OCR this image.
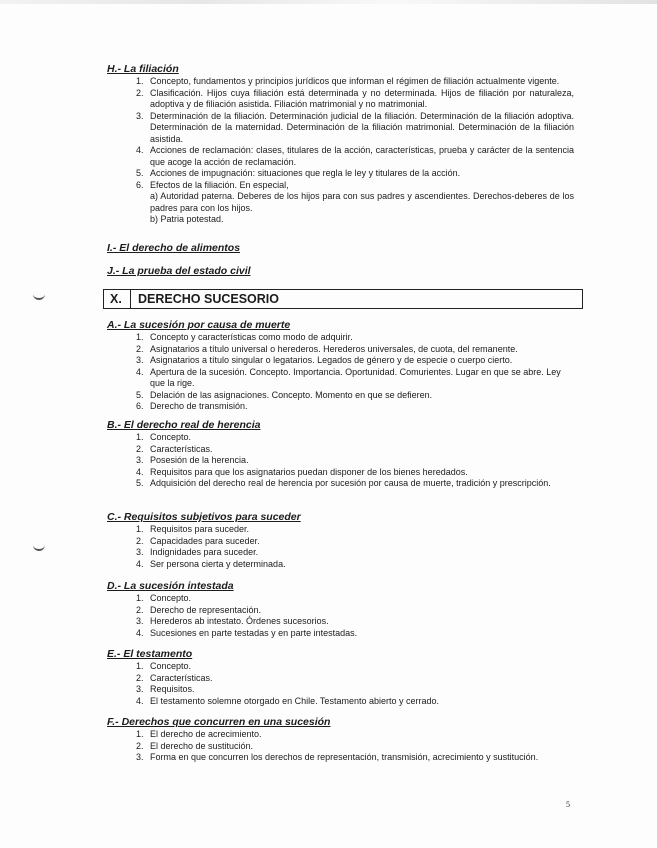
H.- La filiación
1. Concepto, fundamentos y principios jurídicos que informan el régimen de filiación actualmente vigente.
2. Clasificación. Hijos cuya filiación está determinada y no determinada. Hijos de filiación por naturaleza, adoptiva y de filiación asistida. Filiación matrimonial y no matrimonial.
3. Determinación de la filiación. Determinación judicial de la filiación. Determinación de la filiación adoptiva. Determinación de la maternidad. Determinación de la filiación matrimonial. Determinación de la filiación asistida.
4. Acciones de reclamación: clases, titulares de la acción, características, prueba y carácter de la sentencia que acoge la acción de reclamación.
5. Acciones de impugnación: situaciones que regla le ley y titulares de la acción.
6. Efectos de la filiación. En especial,
a) Autoridad paterna. Deberes de los hijos para con sus padres y ascendientes. Derechos-deberes de los padres para con los hijos.
b) Patria potestad.
I.- El derecho de alimentos
J.- La prueba del estado civil
X. DERECHO SUCESORIO
A.- La sucesión por causa de muerte
1. Concepto y características como modo de adquirir.
2. Asignatarios a título universal o herederos. Herederos universales, de cuota, del remanente.
3. Asignatarios a título singular o legatarios. Legados de género y de especie o cuerpo cierto.
4. Apertura de la sucesión. Concepto. Importancia. Oportunidad. Comurientes. Lugar en que se abre. Ley que la rige.
5. Delación de las asignaciones. Concepto. Momento en que se defieren.
6. Derecho de transmisión.
B.- El derecho real de herencia
1. Concepto.
2. Características.
3. Posesión de la herencia.
4. Requisitos para que los asignatarios puedan disponer de los bienes heredados.
5. Adquisición del derecho real de herencia por sucesión por causa de muerte, tradición y prescripción.
C.- Requisitos subjetivos para suceder
1. Requisitos para suceder.
2. Capacidades para suceder.
3. Indignidades para suceder.
4. Ser persona cierta y determinada.
D.- La sucesión intestada
1. Concepto.
2. Derecho de representación.
3. Herederos ab intestato. Órdenes sucesorios.
4. Sucesiones en parte testadas y en parte intestadas.
E.- El testamento
1. Concepto.
2. Características.
3. Requisitos.
4. El testamento solemne otorgado en Chile. Testamento abierto y cerrado.
F.- Derechos que concurren en una sucesión
1. El derecho de acrecimiento.
2. El derecho de sustitución.
3. Forma en que concurren los derechos de representación, transmisión, acrecimiento y sustitución.
5
